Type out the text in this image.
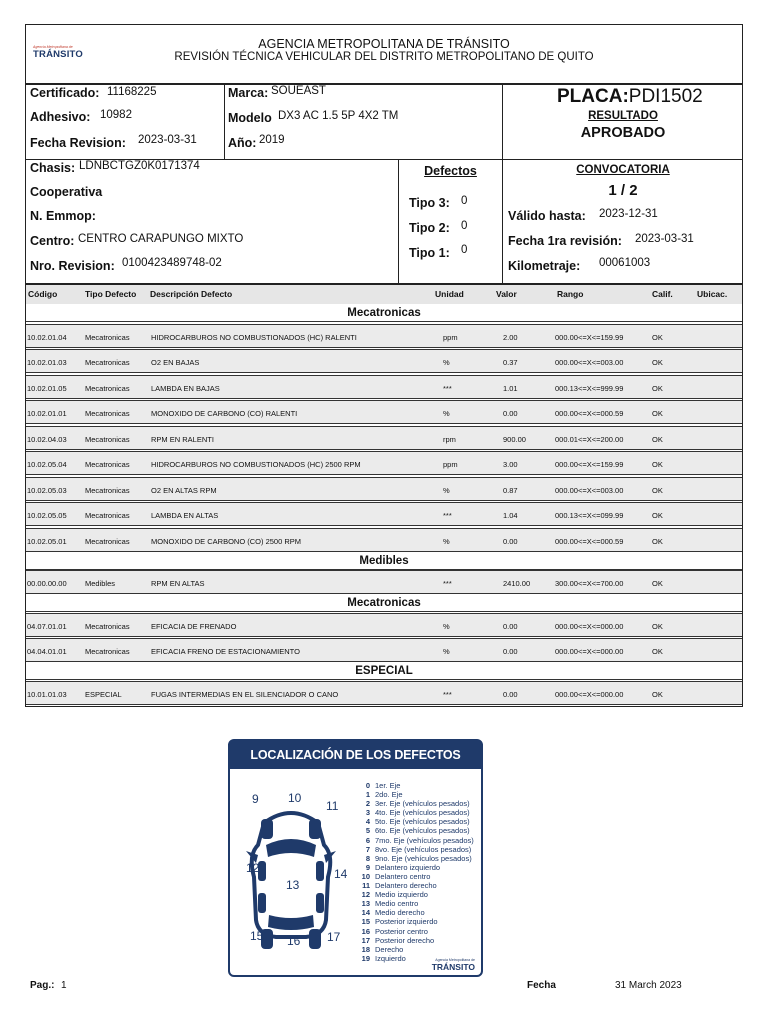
Agencia Metropolitana de
TRÁNSITO
AGENCIA METROPOLITANA DE TRÁNSITO
REVISIÓN TÉCNICA VEHICULAR DEL DISTRITO METROPOLITANO DE QUITO
Certificado: 11168225
Adhesivo: 10982
Fecha Revision: 2023-03-31
Marca: SOUEAST
Modelo DX3 AC 1.5 5P 4X2 TM
Año: 2019
PLACA:PDI1502
RESULTADO
APROBADO
Chasis: LDNBCTGZ0K0171374
Cooperativa
N. Emmop:
Centro: CENTRO CARAPUNGO MIXTO
Nro. Revision: 0100423489748-02
Defectos
Tipo 3: 0
Tipo 2: 0
Tipo 1: 0
CONVOCATORIA
1 / 2
Válido hasta: 2023-12-31
Fecha 1ra revisión: 2023-03-31
Kilometraje: 00061003
Código	Tipo Defecto Descripción Defecto	Unidad	Valor	Rango	Calif.	Ubicac.
Mecatronicas
10.02.01.04 Mecatronicas	HIDROCARBUROS NO COMBUSTIONADOS (HC) RALENTI	ppm	2.00	000.00<=X<=159.99	OK
10.02.01.03 Mecatronicas	O2 EN BAJAS	%	0.37	000.00<=X<=003.00	OK
10.02.01.05 Mecatronicas	LAMBDA EN BAJAS	***	1.01	000.13<=X<=999.99	OK
10.02.01.01 Mecatronicas	MONOXIDO DE CARBONO (CO) RALENTI	%	0.00	000.00<=X<=000.59	OK
10.02.04.03 Mecatronicas	RPM EN RALENTI	rpm	900.00	000.01<=X<=200.00	OK
10.02.05.04 Mecatronicas	HIDROCARBUROS NO COMBUSTIONADOS (HC) 2500 RPM	ppm	3.00	000.00<=X<=159.99	OK
10.02.05.03 Mecatronicas	O2 EN ALTAS RPM	%	0.87	000.00<=X<=003.00	OK
10.02.05.05 Mecatronicas	LAMBDA EN ALTAS	***	1.04	000.13<=X<=099.99	OK
10.02.05.01 Mecatronicas	MONOXIDO DE CARBONO (CO) 2500 RPM	%	0.00	000.00<=X<=000.59	OK
Medibles
00.00.00.00 Medibles	RPM EN ALTAS	***	2410.00	300.00<=X<=700.00	OK
Mecatronicas
04.07.01.01 Mecatronicas	EFICACIA DE FRENADO	%	0.00	000.00<=X<=000.00	OK
04.04.01.01 Mecatronicas	EFICACIA FRENO DE ESTACIONAMIENTO	%	0.00	000.00<=X<=000.00	OK
ESPECIAL
10.01.01.03 ESPECIAL	FUGAS INTERMEDIAS EN EL SILENCIADOR O CANO	***	0.00	000.00<=X<=000.00	OK
LOCALIZACIÓN DE LOS DEFECTOS
9 10
11
12
13
14
15 16 17
0 1er. Eje
1 2do. Eje
2 3er. Eje (vehículos pesados)
3 4to. Eje (vehículos pesados)
4 5to. Eje (vehículos pesados)
5 6to. Eje (vehículos pesados)
6 7mo. Eje (vehículos pesados)
7 8vo. Eje (vehículos pesados)
8 9no. Eje (vehículos pesados)
9 Delantero izquierdo
10 Delantero centro
11 Delantero derecho
12 Medio izquierdo
13 Medio centro
14 Medio derecho
15 Posterior izquierdo
16 Posterior centro
17 Posterior derecho
18 Derecho
19 Izquierdo	Agencia Metropolitana de
TRÁNSITO
Pag.: 1	Fecha	31 March 2023
